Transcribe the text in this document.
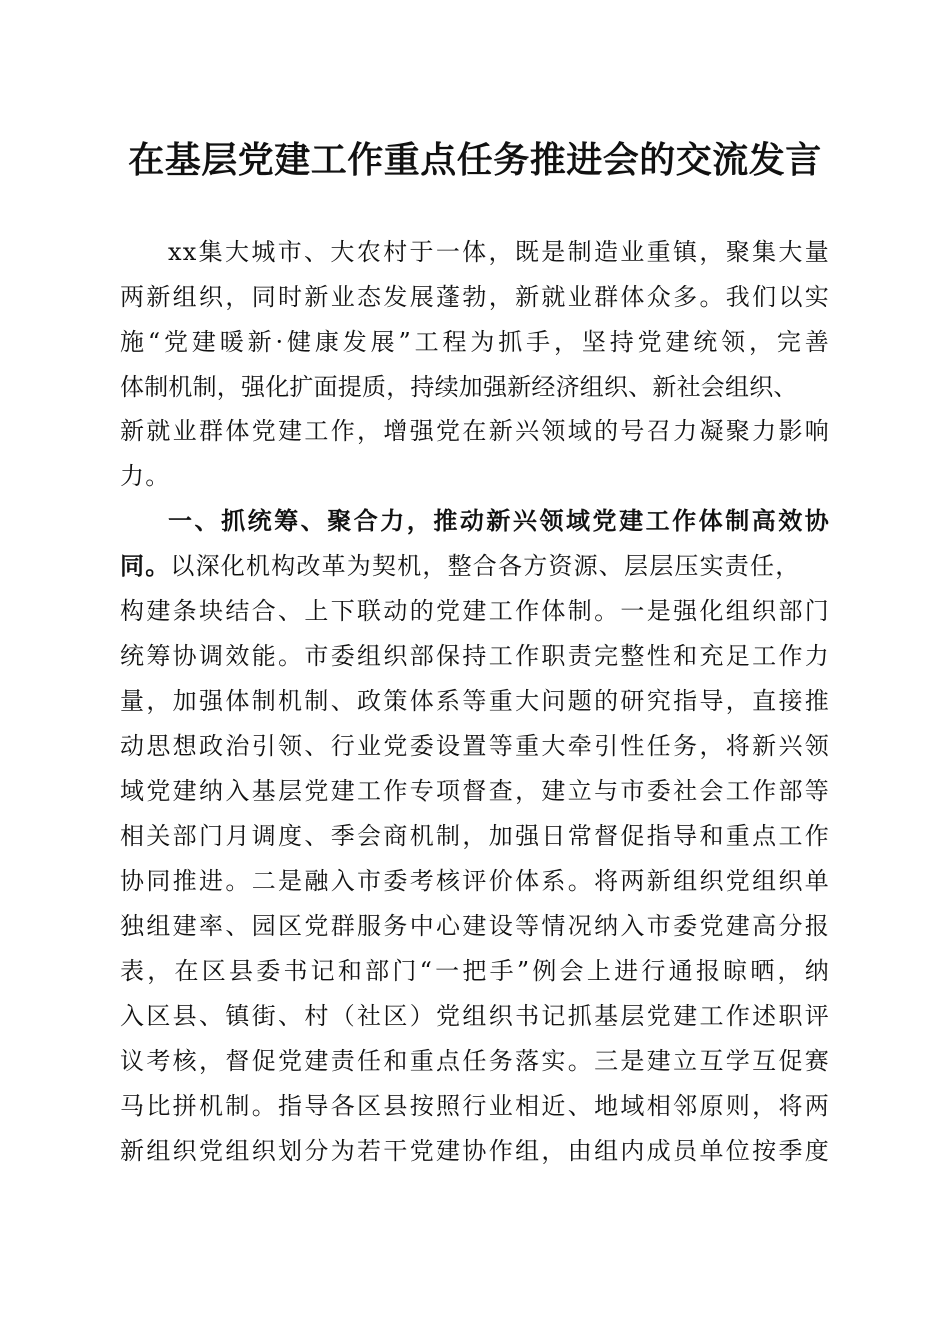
在基层党建工作重点任务推进会的交流发言
xx集大城市、大农村于一体，既是制造业重镇，聚集大量
两新组织，同时新业态发展蓬勃，新就业群体众多。我们以实
施“党建暖新·健康发展”工程为抓手，坚持党建统领，完善
体制机制，强化扩面提质，持续加强新经济组织、新社会组织、
新就业群体党建工作，增强党在新兴领域的号召力凝聚力影响
力。
一、抓统筹、聚合力，推动新兴领域党建工作体制高效协
同。以深化机构改革为契机，整合各方资源、层层压实责任，
构建条块结合、上下联动的党建工作体制。一是强化组织部门
统筹协调效能。市委组织部保持工作职责完整性和充足工作力
量，加强体制机制、政策体系等重大问题的研究指导，直接推
动思想政治引领、行业党委设置等重大牵引性任务，将新兴领
域党建纳入基层党建工作专项督查，建立与市委社会工作部等
相关部门月调度、季会商机制，加强日常督促指导和重点工作
协同推进。二是融入市委考核评价体系。将两新组织党组织单
独组建率、园区党群服务中心建设等情况纳入市委党建高分报
表，在区县委书记和部门“一把手”例会上进行通报晾晒，纳
入区县、镇街、村（社区）党组织书记抓基层党建工作述职评
议考核，督促党建责任和重点任务落实。三是建立互学互促赛
马比拼机制。指导各区县按照行业相近、地域相邻原则，将两
新组织党组织划分为若干党建协作组，由组内成员单位按季度
